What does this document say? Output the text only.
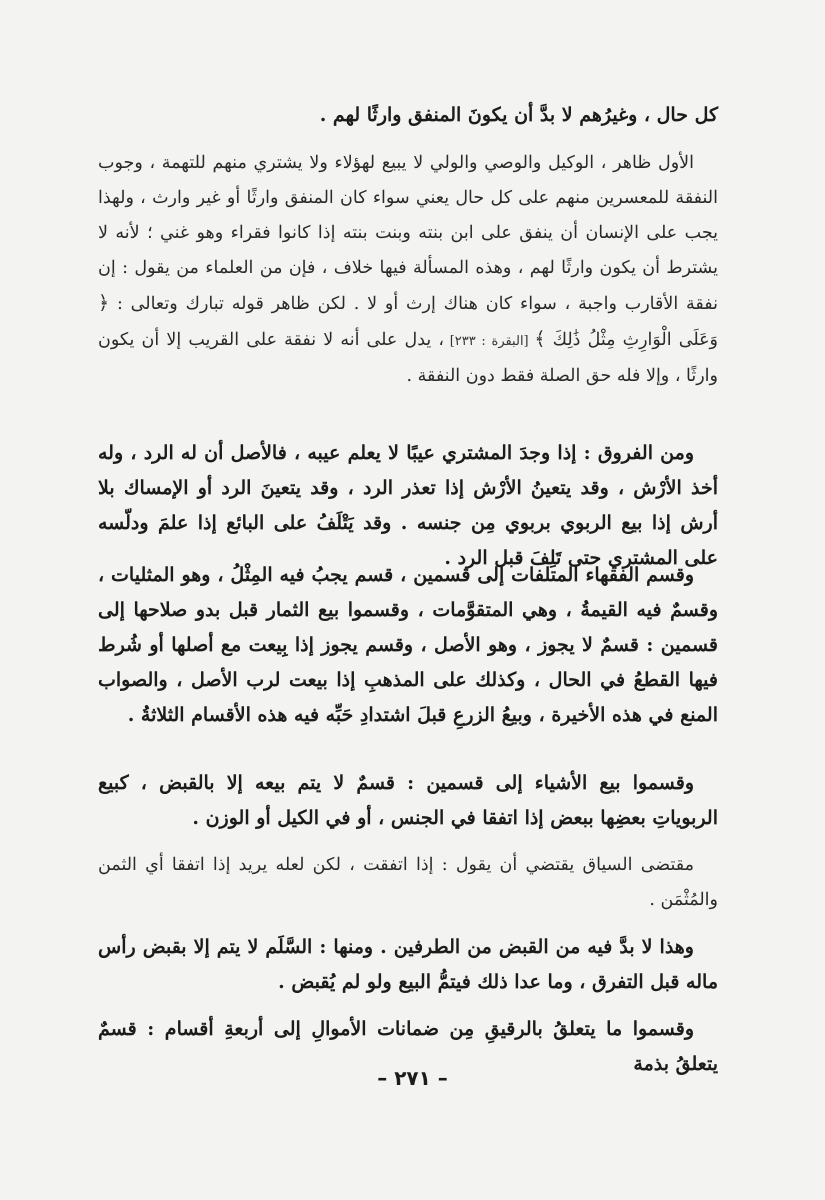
كل حال ، وغيرُهم لا بدَّ أن يكونَ المنفق وارثًا لهم .

الأول ظاهر ، الوكيل والوصي والولي لا يبيع لهؤلاء ولا يشتري منهم للتهمة ، وجوب النفقة للمعسرين منهم على كل حال يعني سواء كان المنفق وارثًا أو غير وارث ، ولهذا يجب على الإنسان أن ينفق على ابن بنته وبنت بنته إذا كانوا فقراء وهو غني ؛ لأنه لا يشترط أن يكون وارثًا لهم ، وهذه المسألة فيها خلاف ، فإن من العلماء من يقول : إن نفقة الأقارب واجبة ، سواء كان هناك إرث أو لا . لكن ظاهر قوله تبارك وتعالى : ﴿ وَعَلَى الْوَارِثِ مِثْلُ ذَٰلِكَ ﴾ [البقرة : ٢٣٣] ، يدل على أنه لا نفقة على القريب إلا أن يكون وارثًا ، وإلا فله حق الصلة فقط دون النفقة .

ومن الفروق : إذا وجدَ المشتري عيبًا لا يعلم عيبه ، فالأصل أن له الرد ، وله أخذ الأرْش ، وقد يتعينُ الأرْش إذا تعذر الرد ، وقد يتعينَ الرد أو الإمساك بلا أرش إذا بيع الربوي بربوي مِن جنسه . وقد يَتْلَفُ على البائع إذا علمَ ودلّسه على المشتري حتى تَلِفَ قبل الرد .

وقسم الفقهاء المتلفات إلى قسمين ، قسم يجبُ فيه المِثْلُ ، وهو المثليات ، وقسمٌ فيه القيمةُ ، وهي المتقوَّمات ، وقسموا بيع الثمار قبل بدو صلاحها إلى قسمين : قسمٌ لا يجوز ، وهو الأصل ، وقسم يجوز إذا بِيعت مع أصلها أو شُرط فيها القطعُ في الحال ، وكذلك على المذهبِ إذا بيعت لرب الأصل ، والصواب المنع في هذه الأخيرة ، وبيعُ الزرعِ قبلَ اشتدادِ حَبِّه فيه هذه الأقسام الثلاثةُ .

وقسموا بيع الأشياء إلى قسمين : قسمٌ لا يتم بيعه إلا بالقبض ، كبيع الربوياتِ بعضِها ببعض إذا اتفقا في الجنس ، أو في الكيل أو الوزن .

مقتضى السياق يقتضي أن يقول : إذا اتفقت ، لكن لعله يريد إذا اتفقا أي الثمن والمُثْمَن .

وهذا لا بدَّ فيه من القبض من الطرفين . ومنها : السَّلَم لا يتم إلا بقبض رأس ماله قبل التفرق ، وما عدا ذلك فيتمُّ البيع ولو لم يُقبض .

وقسموا ما يتعلقُ بالرقيقِ مِن ضمانات الأموالِ إلى أربعةِ أقسام : قسمٌ يتعلقُ بذمة

– ٢٧١ –
